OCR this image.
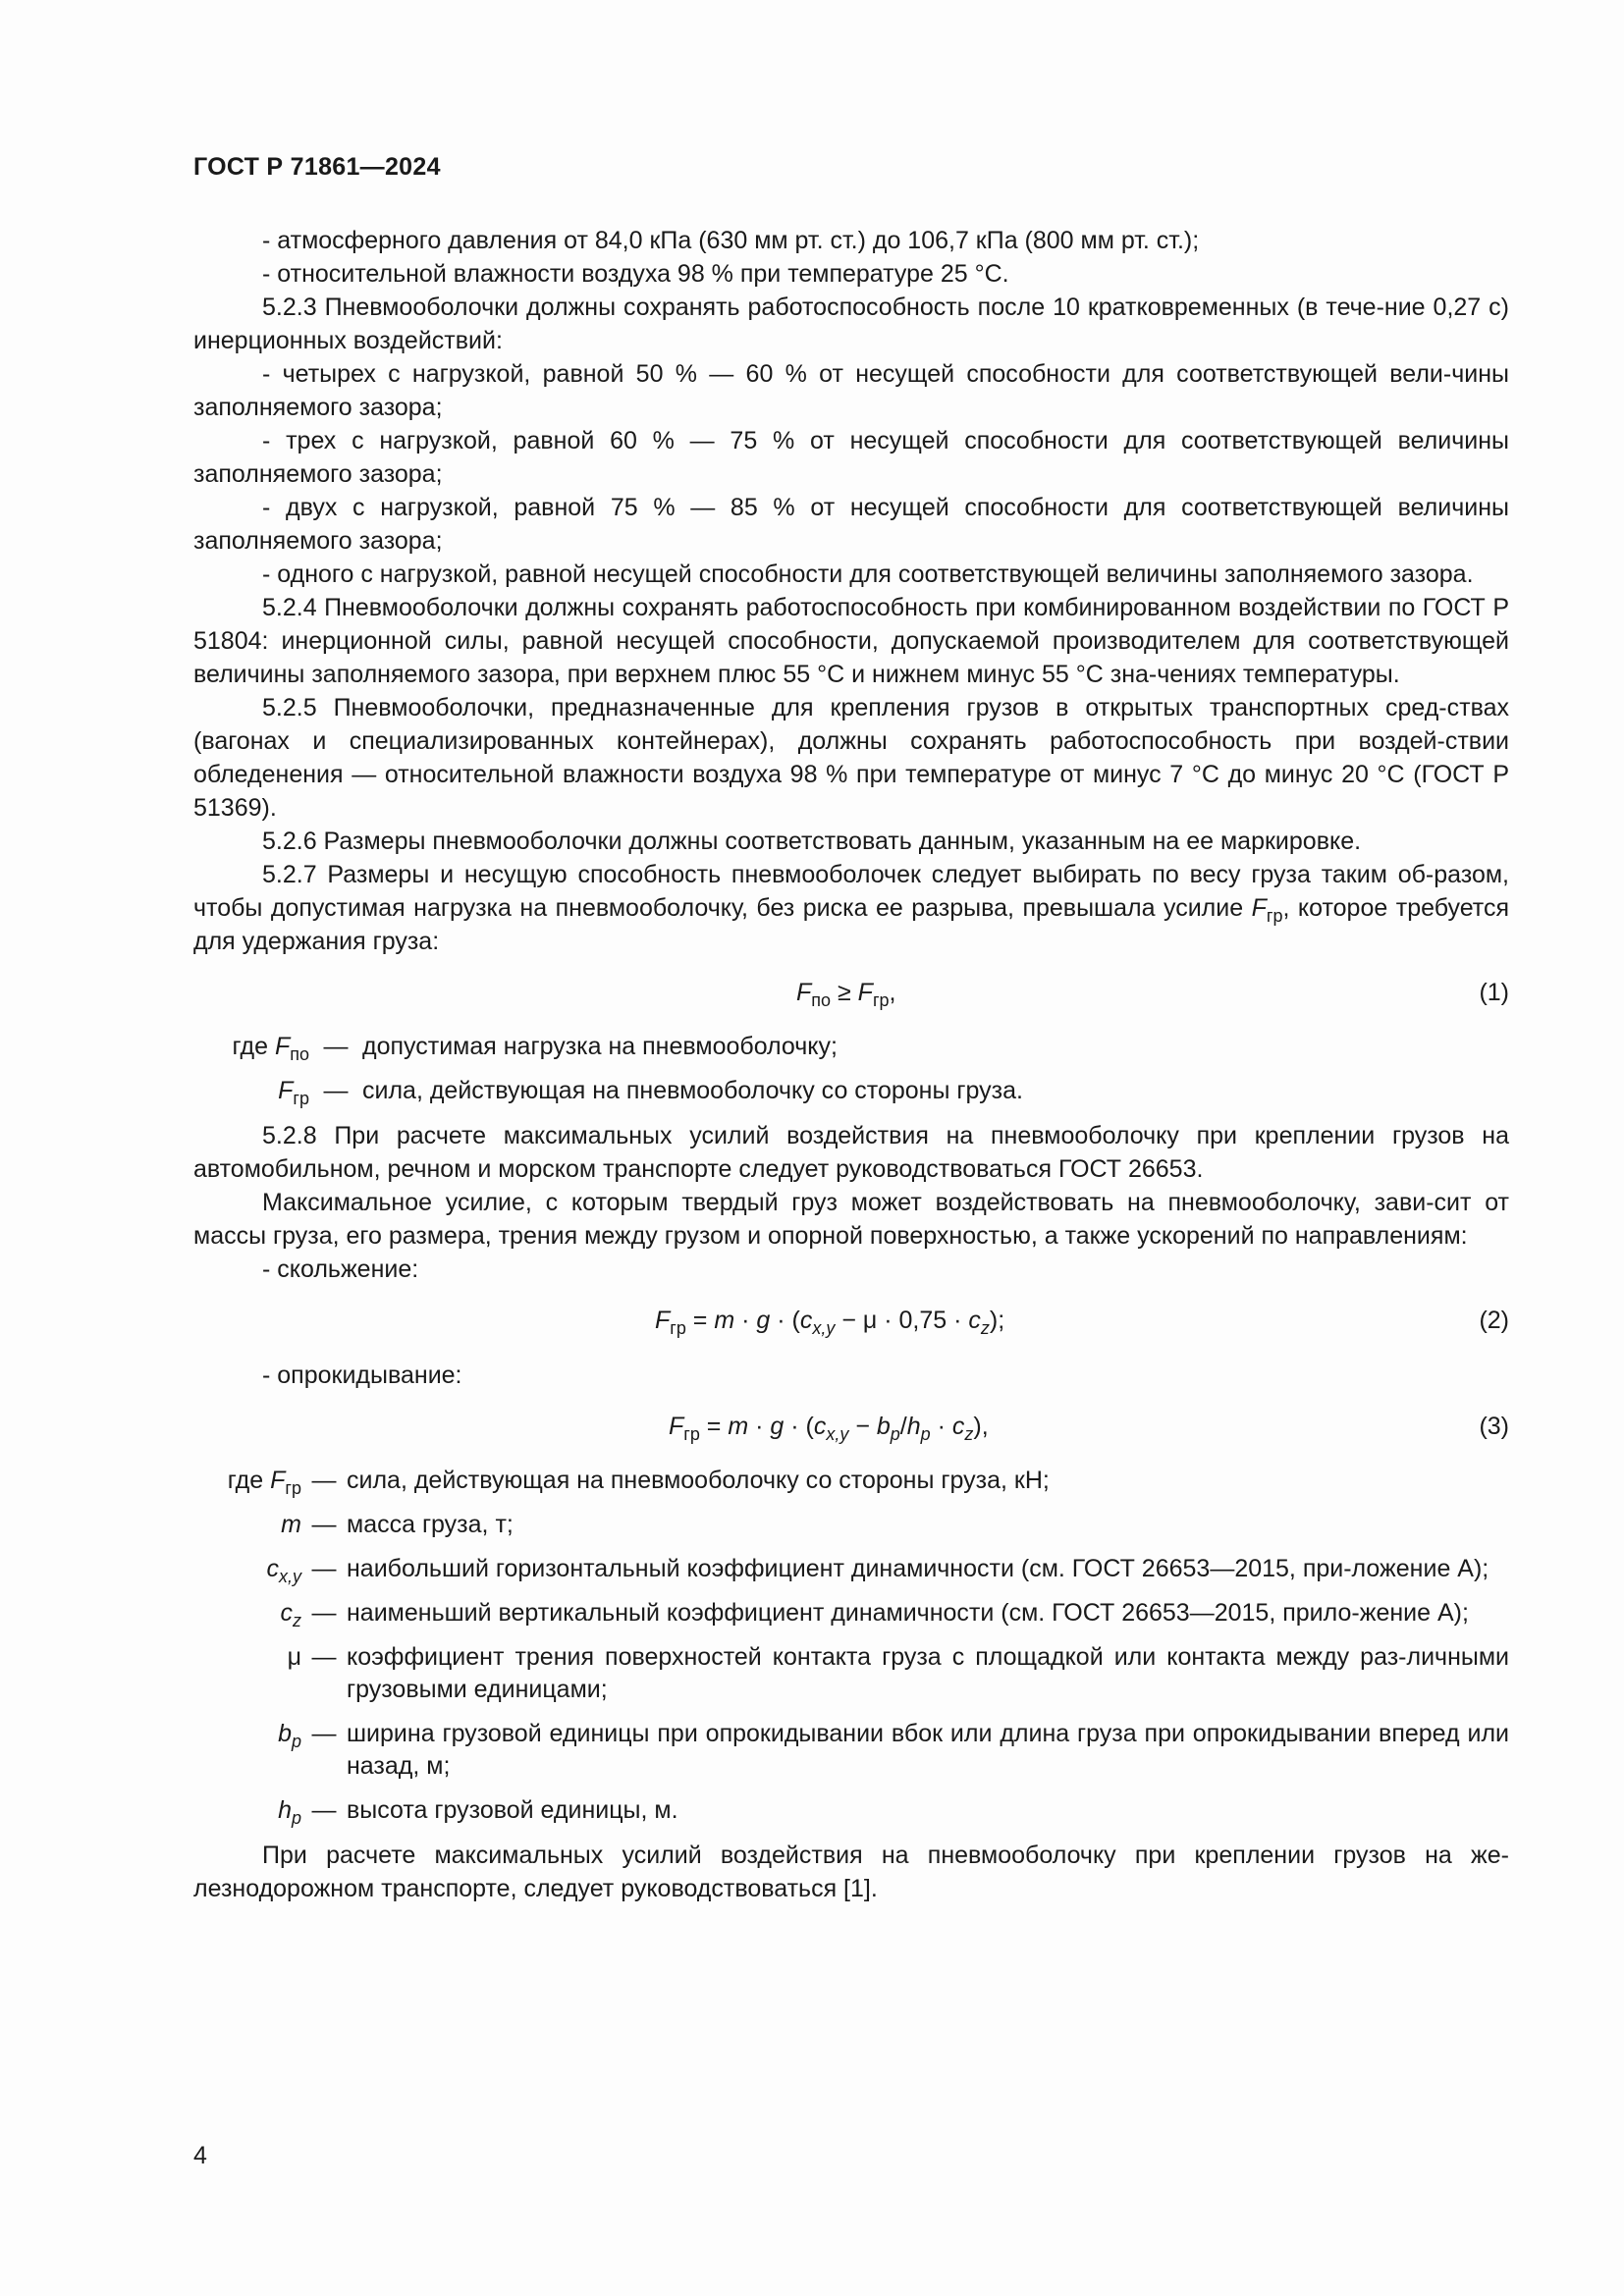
ГОСТ Р 71861—2024

- атмосферного давления от 84,0 кПа (630 мм рт. ст.) до 106,7 кПа (800 мм рт. ст.);

- относительной влажности воздуха 98 % при температуре 25 °С.

5.2.3 Пневмооболочки должны сохранять работоспособность после 10 кратковременных (в тече-ние 0,27 с) инерционных воздействий:

- четырех с нагрузкой, равной 50 % — 60 % от несущей способности для соответствующей вели-чины заполняемого зазора;

- трех с нагрузкой, равной 60 % — 75 % от несущей способности для соответствующей величины заполняемого зазора;

- двух с нагрузкой, равной 75 % — 85 % от несущей способности для соответствующей величины заполняемого зазора;

- одного с нагрузкой, равной несущей способности для соответствующей величины заполняемого зазора.

5.2.4 Пневмооболочки должны сохранять работоспособность при комбинированном воздействии по ГОСТ Р 51804: инерционной силы, равной несущей способности, допускаемой производителем для соответствующей величины заполняемого зазора, при верхнем плюс 55 °С и нижнем минус 55 °С зна-чениях температуры.

5.2.5 Пневмооболочки, предназначенные для крепления грузов в открытых транспортных сред-ствах (вагонах и специализированных контейнерах), должны сохранять работоспособность при воздей-ствии обледенения — относительной влажности воздуха 98 % при температуре от минус 7 °С до минус 20 °С (ГОСТ Р 51369).

5.2.6 Размеры пневмооболочки должны соответствовать данным, указанным на ее маркировке.

5.2.7 Размеры и несущую способность пневмооболочек следует выбирать по весу груза таким об-разом, чтобы допустимая нагрузка на пневмооболочку, без риска ее разрыва, превышала усилие $F_{гр}$, которое требуется для удержания груза:

$F_{по} \ge F_{гр}$,	(1)
где $F_{по}$ — допустимая нагрузка на пневмооболочку;
$F_{гр}$ — сила, действующая на пневмооболочку со стороны груза.

5.2.8 При расчете максимальных усилий воздействия на пневмооболочку при креплении грузов на автомобильном, речном и морском транспорте следует руководствоваться ГОСТ 26653.

Максимальное усилие, с которым твердый груз может воздействовать на пневмооболочку, зави-сит от массы груза, его размера, трения между грузом и опорной поверхностью, а также ускорений по направлениям:

- скольжение:

$F_{гр} = m \cdot g \cdot (c_{x,y} - \mu \cdot 0,75 \cdot c_z)$;	(2)

- опрокидывание:

$F_{гр} = m \cdot g \cdot (c_{x,y} - b_p/h_p \cdot c_z)$,	(3)
где $F_{гр}$ — сила, действующая на пневмооболочку со стороны груза, кН;
m — масса груза, т;
$c_{x,y}$ — наибольший горизонтальный коэффициент динамичности (см. ГОСТ 26653—2015, при-ложение А);
$c_z$ — наименьший вертикальный коэффициент динамичности (см. ГОСТ 26653—2015, прило-жение А);
μ — коэффициент трения поверхностей контакта груза с площадкой или контакта между раз-личными грузовыми единицами;
$b_p$ — ширина грузовой единицы при опрокидывании вбок или длина груза при опрокидывании вперед или назад, м;
$h_p$ — высота грузовой единицы, м.

При расчете максимальных усилий воздействия на пневмооболочку при креплении грузов на же-лезнодорожном транспорте, следует руководствоваться [1].

4
